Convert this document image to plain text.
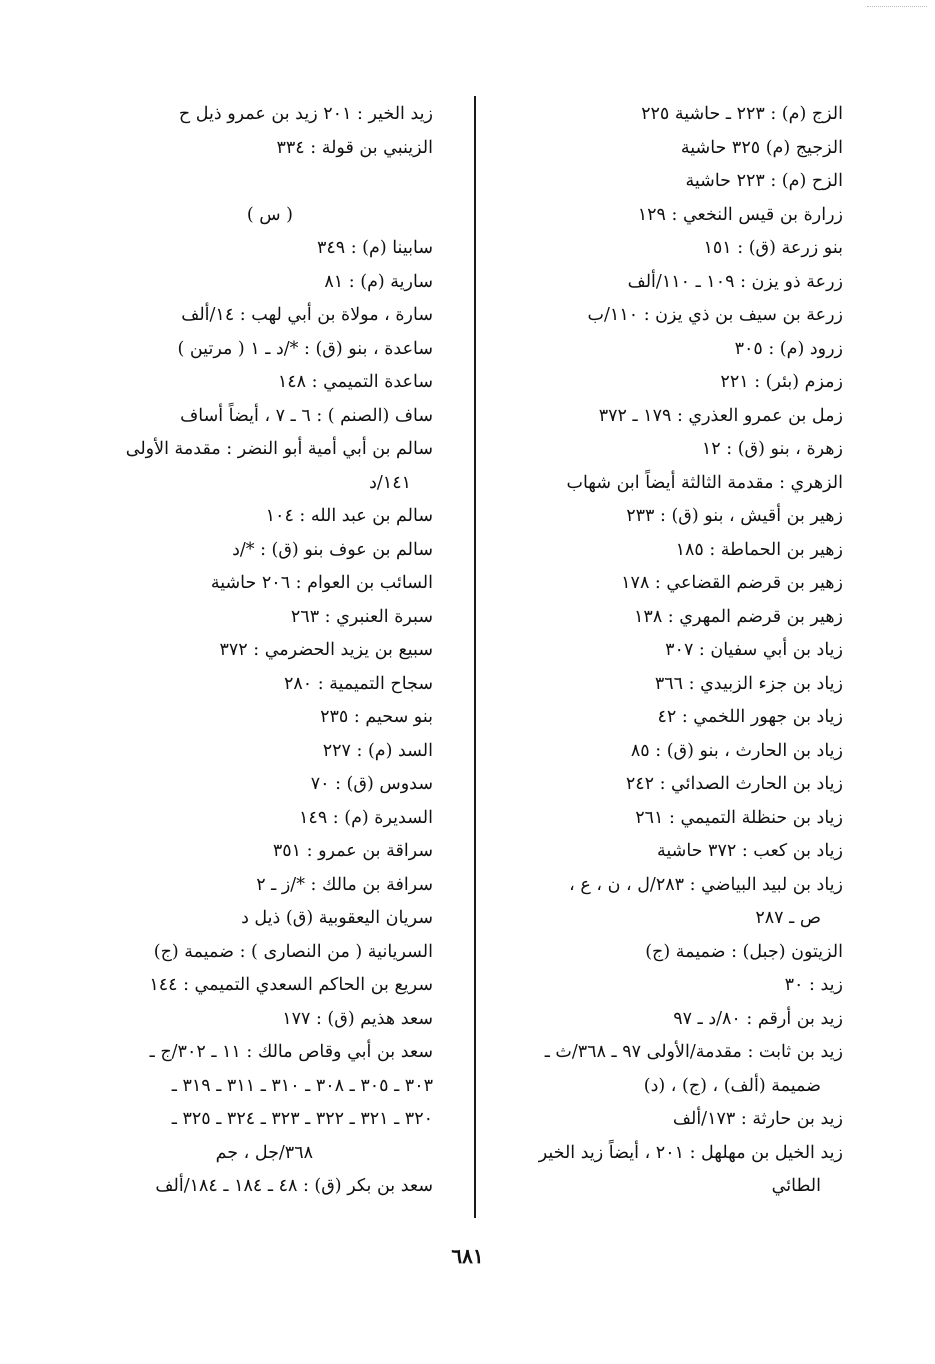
الزج (م) : ٢٢٣ ـ حاشية ٢٢٥
الزجيج (م) ٣٢٥ حاشية
الزح (م) : ٢٢٣ حاشية
زرارة بن قيس النخعي : ١٢٩
بنو زرعة (ق) : ١٥١
زرعة ذو يزن : ١٠٩ ـ ١١٠/ألف
زرعة بن سيف بن ذي يزن : ١١٠/ب
زرود (م) : ٣٠٥
زمزم (بئر) : ٢٢١
زمل بن عمرو العذري : ١٧٩ ـ ٣٧٢
زهرة ، بنو (ق) : ١٢
الزهري : مقدمة الثالثة أيضاً ابن شهاب
زهير بن أقيش ، بنو (ق) : ٢٣٣
زهير بن الحماطة : ١٨٥
زهير بن قرضم القضاعي : ١٧٨
زهير بن قرضم المهري : ١٣٨
زياد بن أبي سفيان : ٣٠٧
زياد بن جزء الزبيدي : ٣٦٦
زياد بن جهور اللخمي : ٤٢
زياد بن الحارث ، بنو (ق) : ٨٥
زياد بن الحارث الصدائي : ٢٤٢
زياد بن حنظلة التميمي : ٢٦١
زياد بن كعب : ٣٧٢ حاشية
زياد بن لبيد البياضي : ٢٨٣/ل ، ن ، ع ،
ص ـ ٢٨٧
الزيتون (جبل) : ضميمة (ج)
زيد : ٣٠
زيد بن أرقم : ٨٠/د ـ ٩٧
زيد بن ثابت : مقدمة/الأولى ٩٧ ـ ٣٦٨/ث ـ
ضميمة (ألف) ، (ج) ، (د)
زيد بن حارثة : ١٧٣/ألف
زيد الخيل بن مهلهل : ٢٠١ ، أيضاً زيد الخير
الطائي
زيد الخير : ٢٠١ زيد بن عمرو ذيل ح
الزينبي بن قولة : ٣٣٤
( س )
سابينا (م) : ٣٤٩
سارية (م) : ٨١
سارة ، مولاة بن أبي لهب : ١٤/ألف
ساعدة ، بنو (ق) : */د ـ ١ ( مرتين )
ساعدة التميمي : ١٤٨
ساف (الصنم ) : ٦ ـ ٧ ، أيضاً أساف
سالم بن أبي أمية أبو النضر : مقدمة الأولى
١٤١/د
سالم بن عبد الله : ١٠٤
سالم بن عوف بنو (ق) : */د
السائب بن العوام : ٢٠٦ حاشية
سبرة العنبري : ٢٦٣
سبيع بن يزيد الحضرمي : ٣٧٢
سجاح التميمية : ٢٨٠
بنو سحيم : ٢٣٥
السد (م) : ٢٢٧
سدوس (ق) : ٧٠
السديرة (م) : ١٤٩
سراقة بن عمرو : ٣٥١
سرافة بن مالك : */ز ـ ٢
سريان اليعقوبية (ق) ذيل د
السريانية ( من النصارى ) : ضميمة (ج)
سريع بن الحاكم السعدي التميمي : ١٤٤
سعد هذيم (ق) : ١٧٧
سعد بن أبي وقاص مالك : ١١ ـ ٣٠٢/ج ـ
٣٠٣ ـ ٣٠٥ ـ ٣٠٨ ـ ٣١٠ ـ ٣١١ ـ ٣١٩ ـ
٣٢٠ ـ ٣٢١ ـ ٣٢٢ ـ ٣٢٣ ـ ٣٢٤ ـ ٣٢٥ ـ
٣٦٨/جل ، جم
سعد بن بكر (ق) : ٤٨ ـ ١٨٤ ـ ١٨٤/ألف
٦٨١
